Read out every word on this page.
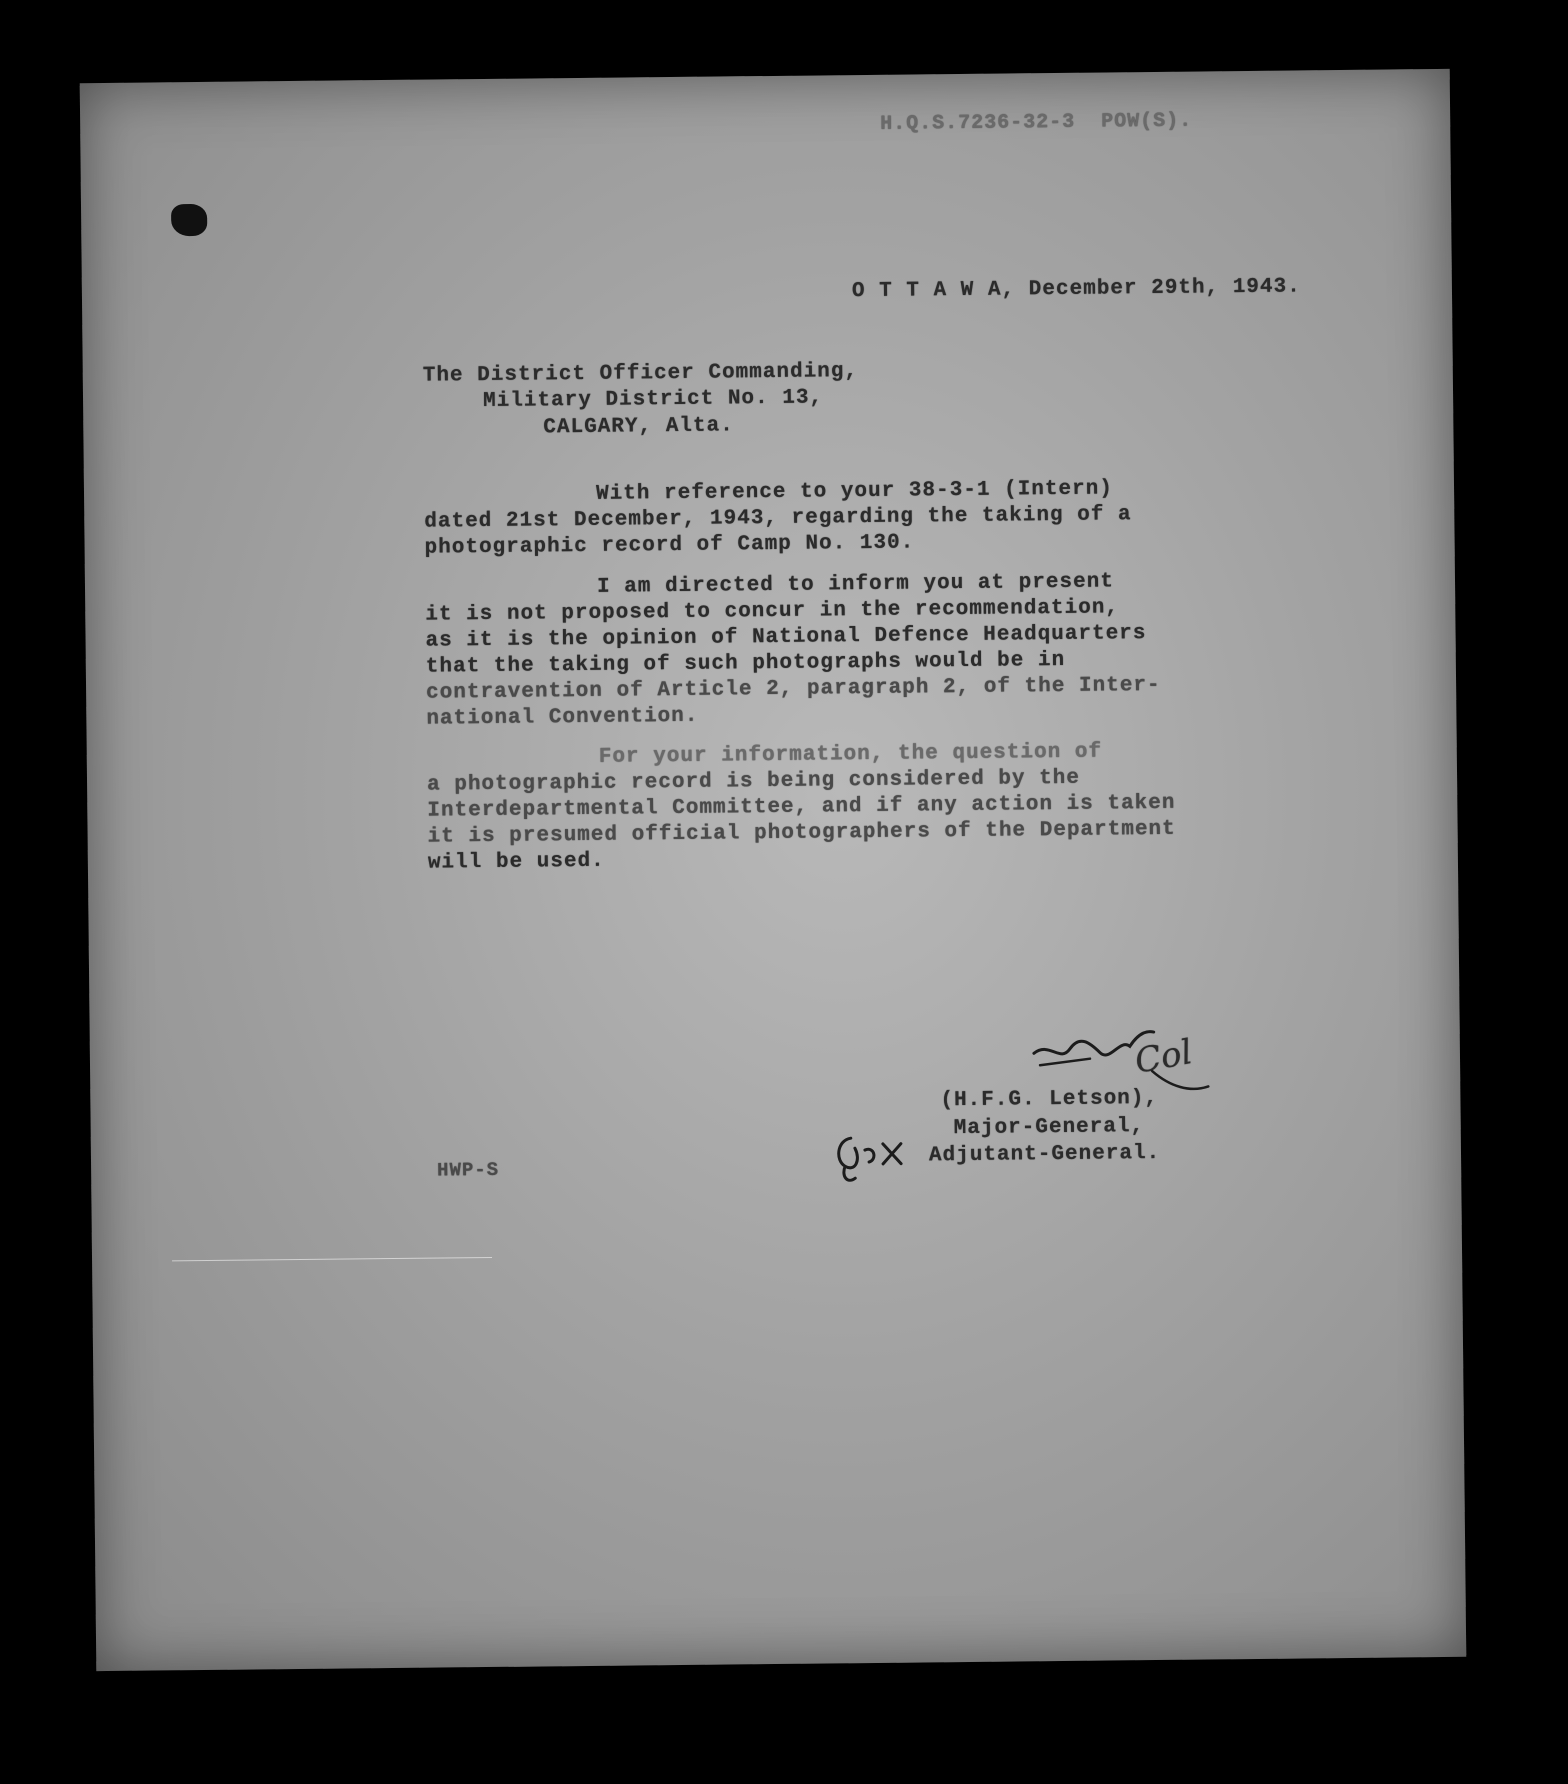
H.Q.S.7236-32-3  POW(S).
O T T A W A, December 29th, 1943.
The District Officer Commanding,
Military District No. 13,
CALGARY, Alta.
With reference to your 38-3-1 (Intern)
dated 21st December, 1943, regarding the taking of a
photographic record of Camp No. 130.
I am directed to inform you at present
it is not proposed to concur in the recommendation,
as it is the opinion of National Defence Headquarters
that the taking of such photographs would be in
contravention of Article 2, paragraph 2, of the Inter-
national Convention.
For your information, the question of
a photographic record is being considered by the
Interdepartmental Committee, and if any action is taken
it is presumed official photographers of the Department
will be used.
Col
(H.F.G. Letson),
Major-General,
Adjutant-General.
HWP-S
